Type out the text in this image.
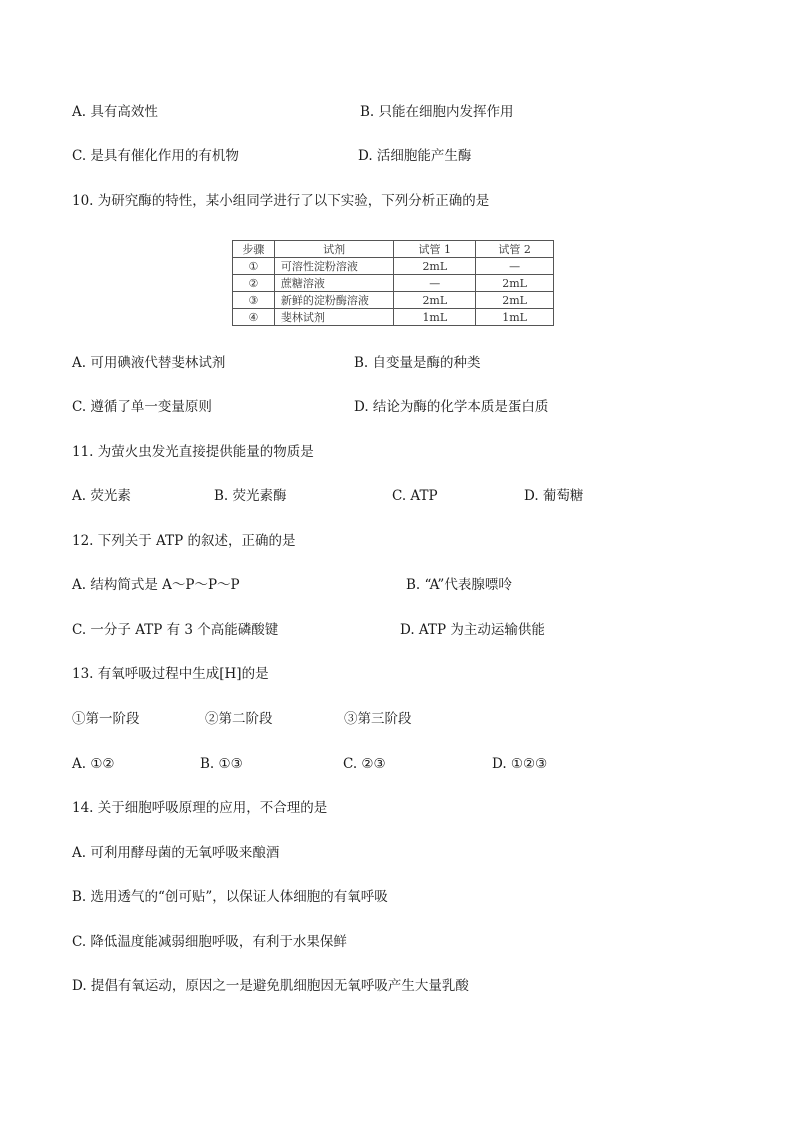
A. 具有高效性	B. 只能在细胞内发挥作用
C. 是具有催化作用的有机物	D. 活细胞能产生酶
10. 为研究酶的特性，某小组同学进行了以下实验，下列分析正确的是
步骤	试剂	试管 1	试管 2
①	可溶性淀粉溶液	2mL	—
②	蔗糖溶液	—	2mL
③	新鲜的淀粉酶溶液	2mL	2mL
④	斐林试剂	1mL	1mL
A. 可用碘液代替斐林试剂	B. 自变量是酶的种类
C. 遵循了单一变量原则	D. 结论为酶的化学本质是蛋白质
11. 为萤火虫发光直接提供能量的物质是
A. 荧光素	B. 荧光素酶	C. ATP	D. 葡萄糖
12. 下列关于 ATP 的叙述，正确的是
A. 结构简式是 A～P～P～P	B. “A”代表腺嘌呤
C. 一分子 ATP 有 3 个高能磷酸键	D. ATP 为主动运输供能
13. 有氧呼吸过程中生成[H]的是
①第一阶段	②第二阶段	③第三阶段
A. ①②	B. ①③	C. ②③	D. ①②③
14. 关于细胞呼吸原理的应用，不合理的是
A. 可利用酵母菌的无氧呼吸来酿酒
B. 选用透气的“创可贴”，以保证人体细胞的有氧呼吸
C. 降低温度能减弱细胞呼吸，有利于水果保鲜
D. 提倡有氧运动，原因之一是避免肌细胞因无氧呼吸产生大量乳酸
